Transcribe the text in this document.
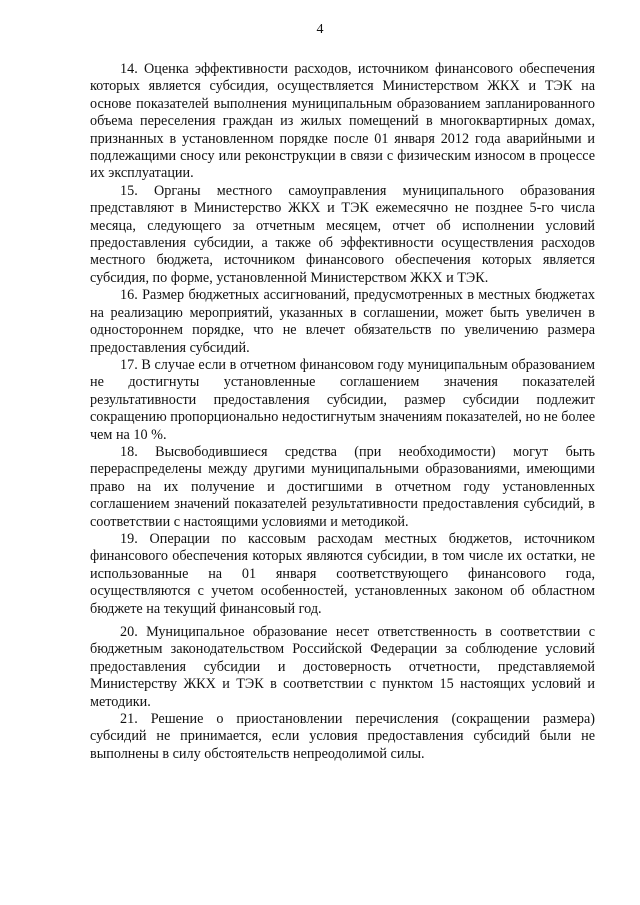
4

14. Оценка эффективности расходов, источником финансового обеспечения которых является субсидия, осуществляется Министерством ЖКХ и ТЭК на основе показателей выполнения муниципальным образованием запланированного объема переселения граждан из жилых помещений в многоквартирных домах, признанных в установленном порядке после 01 января 2012 года аварийными и подлежащими сносу или реконструкции в связи с физическим износом в процессе их эксплуатации.

15. Органы местного самоуправления муниципального образования представляют в Министерство ЖКХ и ТЭК ежемесячно не позднее 5-го числа месяца, следующего за отчетным месяцем, отчет об исполнении условий предоставления субсидии, а также об эффективности осуществления расходов местного бюджета, источником финансового обеспечения которых является субсидия, по форме, установленной Министерством ЖКХ и ТЭК.

16. Размер бюджетных ассигнований, предусмотренных в местных бюджетах на реализацию мероприятий, указанных в соглашении, может быть увеличен в одностороннем порядке, что не влечет обязательств по увеличению размера предоставления субсидий.

17. В случае если в отчетном финансовом году муниципальным образованием не достигнуты установленные соглашением значения показателей результативности предоставления субсидии, размер субсидии подлежит сокращению пропорционально недостигнутым значениям показателей, но не более чем на 10 %.

18. Высвободившиеся средства (при необходимости) могут быть перераспределены между другими муниципальными образованиями, имеющими право на их получение и достигшими в отчетном году установленных соглашением значений показателей результативности предоставления субсидий, в соответствии с настоящими условиями и методикой.

19. Операции по кассовым расходам местных бюджетов, источником финансового обеспечения которых являются субсидии, в том числе их остатки, не использованные на 01 января соответствующего финансового года, осуществляются с учетом особенностей, установленных законом об областном бюджете на текущий финансовый год.

20. Муниципальное образование несет ответственность в соответствии с бюджетным законодательством Российской Федерации за соблюдение условий предоставления субсидии и достоверность отчетности, представляемой Министерству ЖКХ и ТЭК в соответствии с пунктом 15 настоящих условий и методики.

21. Решение о приостановлении перечисления (сокращении размера) субсидий не принимается, если условия предоставления субсидий были не выполнены в силу обстоятельств непреодолимой силы.
